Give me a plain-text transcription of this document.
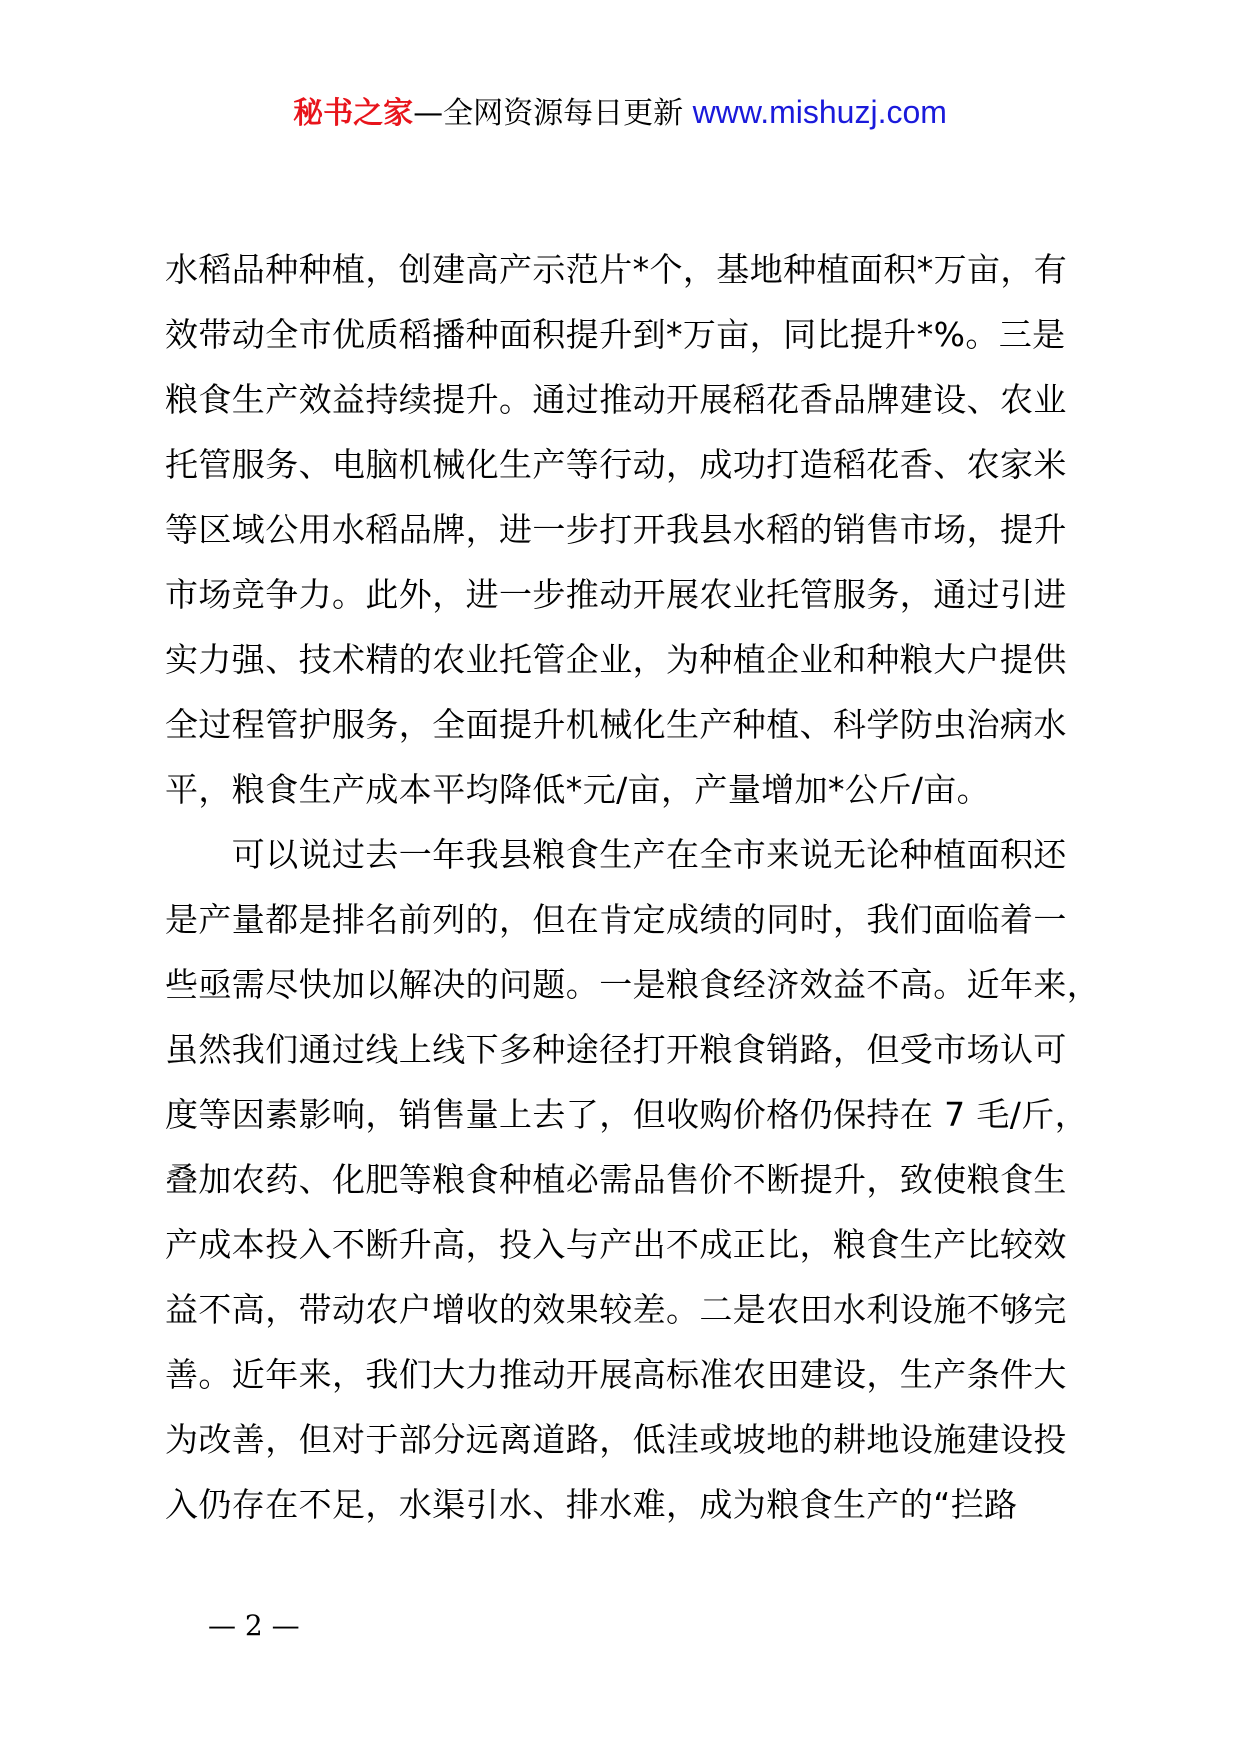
秘书之家—全网资源每日更新 www.mishuzj.com
水稻品种种植，创建高产示范片*个，基地种植面积*万亩，有
效带动全市优质稻播种面积提升到*万亩，同比提升*%。三是
粮食生产效益持续提升。通过推动开展稻花香品牌建设、农业
托管服务、电脑机械化生产等行动，成功打造稻花香、农家米
等区域公用水稻品牌，进一步打开我县水稻的销售市场，提升
市场竞争力。此外，进一步推动开展农业托管服务，通过引进
实力强、技术精的农业托管企业，为种植企业和种粮大户提供
全过程管护服务，全面提升机械化生产种植、科学防虫治病水
平，粮食生产成本平均降低*元/亩，产量增加*公斤/亩。
　　可以说过去一年我县粮食生产在全市来说无论种植面积还
是产量都是排名前列的，但在肯定成绩的同时，我们面临着一
些亟需尽快加以解决的问题。一是粮食经济效益不高。近年来，
虽然我们通过线上线下多种途径打开粮食销路，但受市场认可
度等因素影响，销售量上去了，但收购价格仍保持在 7 毛/斤，
叠加农药、化肥等粮食种植必需品售价不断提升，致使粮食生
产成本投入不断升高，投入与产出不成正比，粮食生产比较效
益不高，带动农户增收的效果较差。二是农田水利设施不够完
善。近年来，我们大力推动开展高标准农田建设，生产条件大
为改善，但对于部分远离道路，低洼或坡地的耕地设施建设投
入仍存在不足，水渠引水、排水难，成为粮食生产的“拦路
— 2 —
